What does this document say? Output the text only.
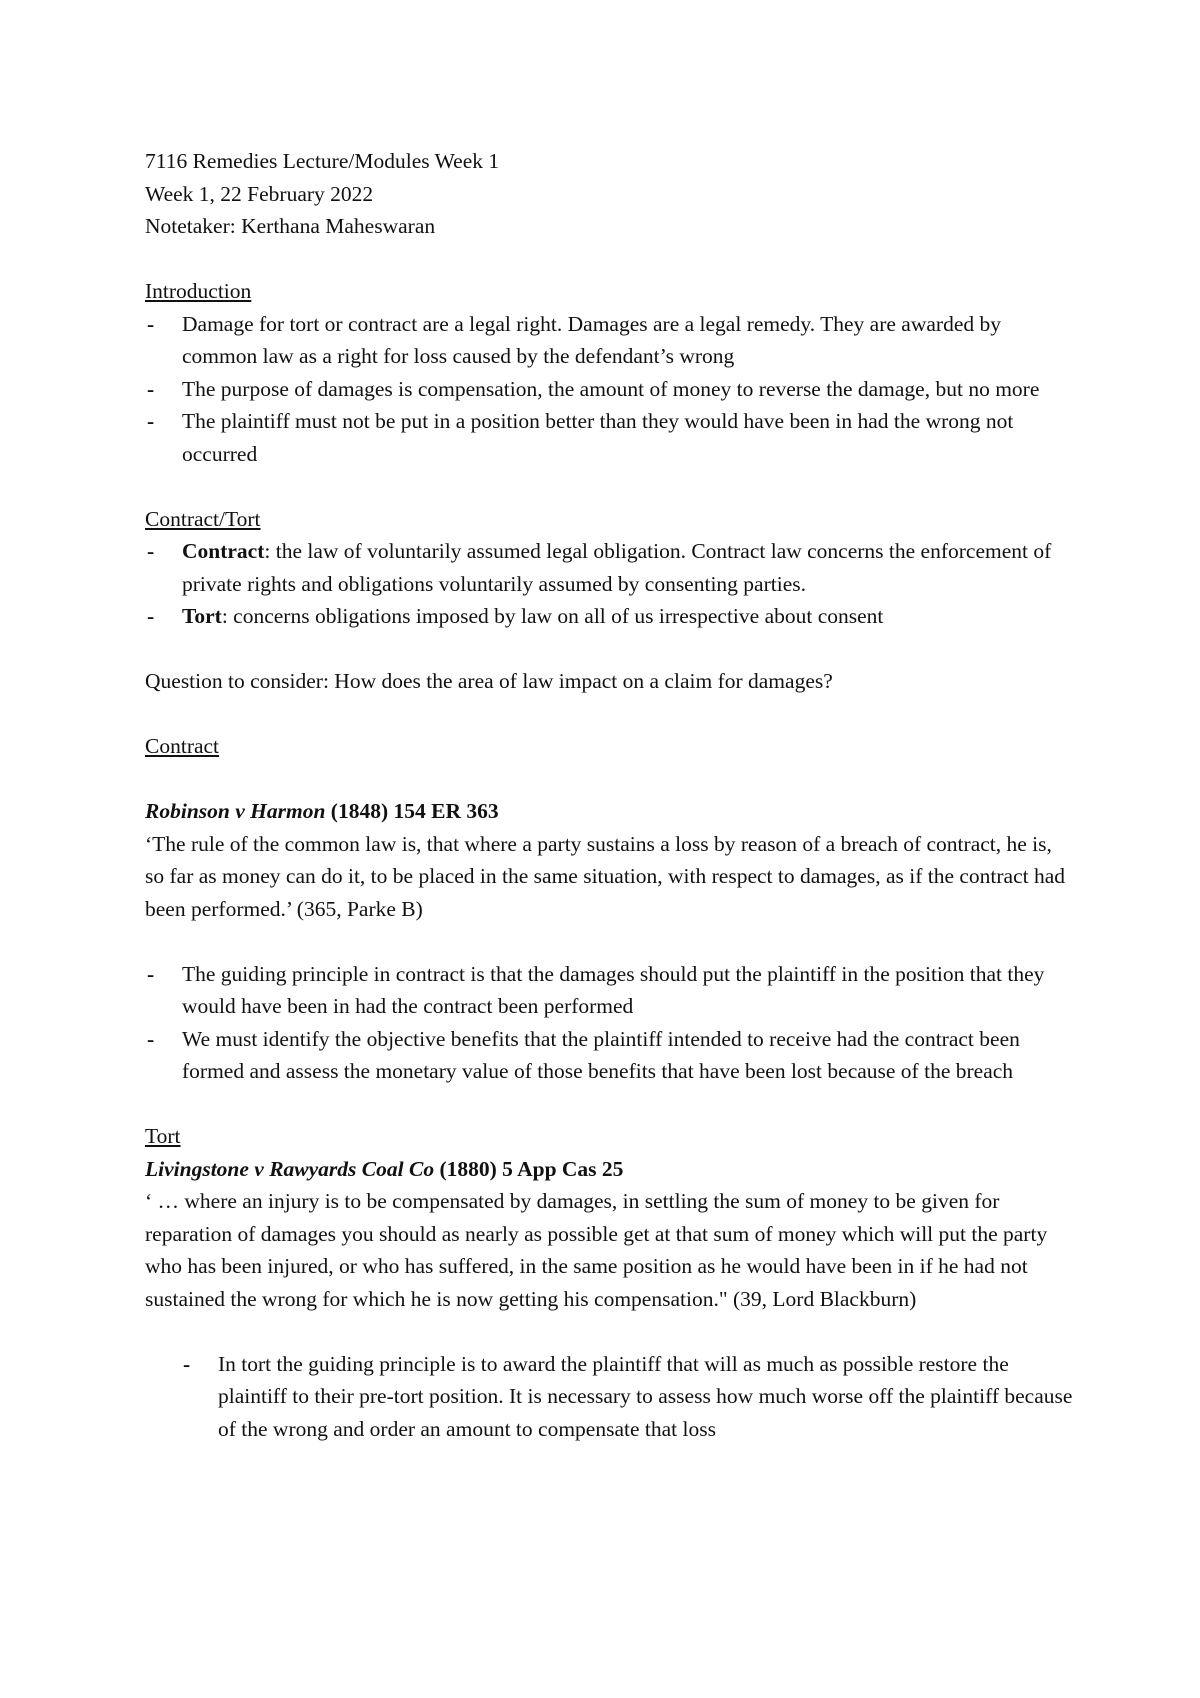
7116 Remedies Lecture/Modules Week 1

Week 1, 22 February 2022

Notetaker: Kerthana Maheswaran

Introduction

- Damage for tort or contract are a legal right. Damages are a legal remedy. They are awarded by common law as a right for loss caused by the defendant’s wrong
- The purpose of damages is compensation, the amount of money to reverse the damage, but no more
- The plaintiff must not be put in a position better than they would have been in had the wrong not occurred

Contract/Tort

- Contract: the law of voluntarily assumed legal obligation. Contract law concerns the enforcement of private rights and obligations voluntarily assumed by consenting parties.
- Tort: concerns obligations imposed by law on all of us irrespective about consent

Question to consider: How does the area of law impact on a claim for damages?

Contract

Robinson v Harmon (1848) 154 ER 363

‘The rule of the common law is, that where a party sustains a loss by reason of a breach of contract, he is, so far as money can do it, to be placed in the same situation, with respect to damages, as if the contract had been performed.’ (365, Parke B)

- The guiding principle in contract is that the damages should put the plaintiff in the position that they would have been in had the contract been performed
- We must identify the objective benefits that the plaintiff intended to receive had the contract been formed and assess the monetary value of those benefits that have been lost because of the breach

Tort

Livingstone v Rawyards Coal Co (1880) 5 App Cas 25

‘ … where an injury is to be compensated by damages, in settling the sum of money to be given for reparation of damages you should as nearly as possible get at that sum of money which will put the party who has been injured, or who has suffered, in the same position as he would have been in if he had not sustained the wrong for which he is now getting his compensation." (39, Lord Blackburn)

- In tort the guiding principle is to award the plaintiff that will as much as possible restore the plaintiff to their pre-tort position. It is necessary to assess how much worse off the plaintiff because of the wrong and order an amount to compensate that loss
